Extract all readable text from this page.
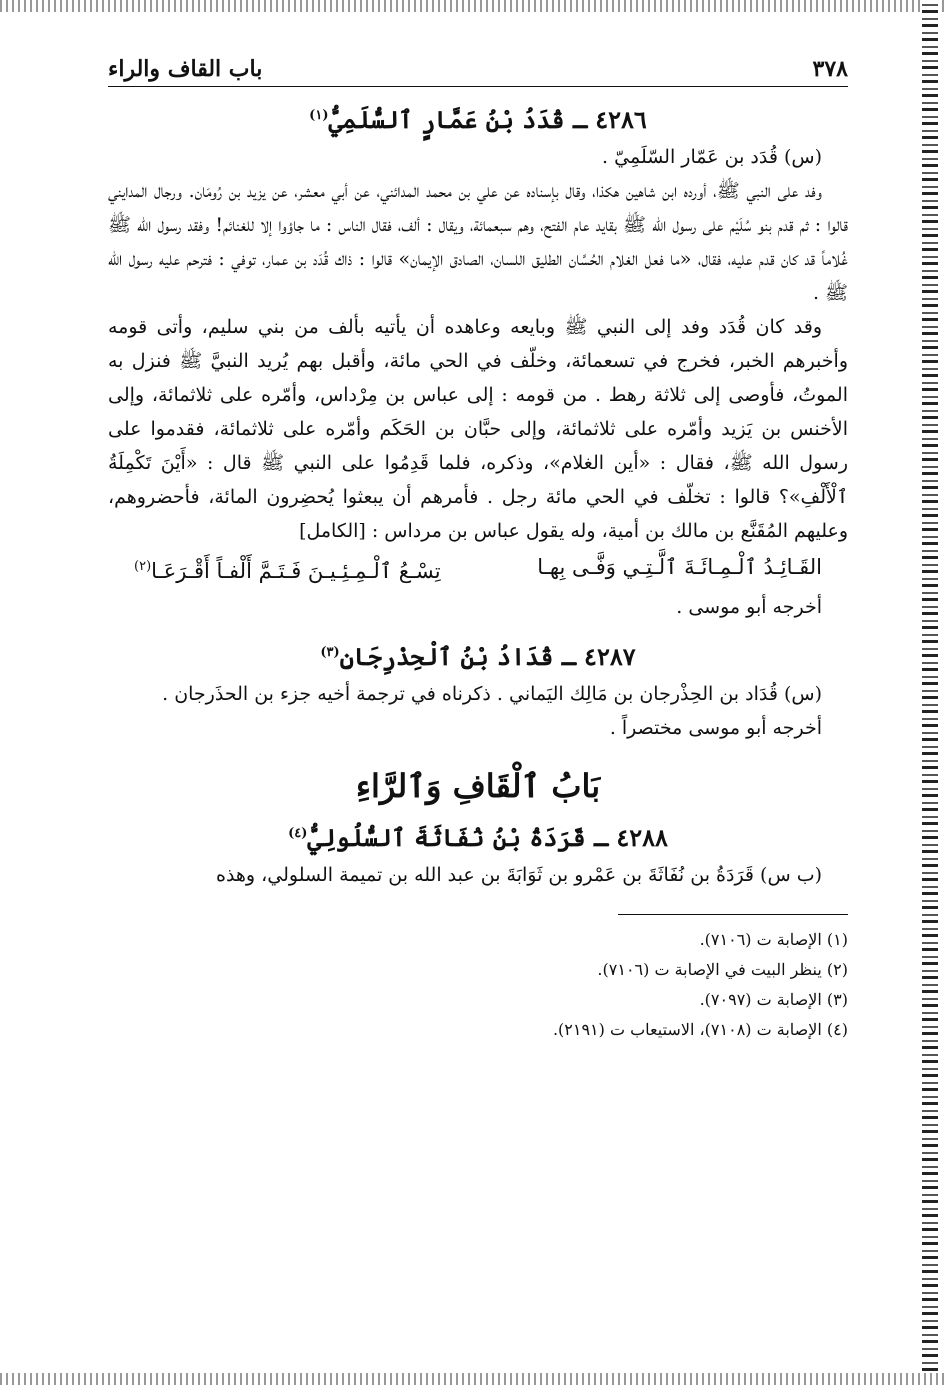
٣٧٨
باب القاف والراء
٤٢٨٦ ـ قُدَدُ بْنُ عَمَّارٍ ٱلسُّلَمِيُّ$^{(١)}$

(س) قُدَد بن عَمّار السّلَمِيّ .

وفد على النبي ﷺ، أورده ابن شاهين هكذا، وقال بإسناده عن علي بن محمد المدائني، عن أبي معشر، عن يزيد بن رُومَان. ورجال المدايني قالوا : ثم قدم بنو سُلَيْم على رسول الله ﷺ بقايد عام الفتح، وهم سبعمائة، ويقال : ألف، فقال الناس : ما جاؤوا إلا للغنائم! وفقد رسول الله ﷺ غُلاماً قد كان قدم عليه، فقال، «ما فعل الغلام الحُسَّان الطليق اللسان، الصادق الإيمان» قالوا : ذاك قُدَد بن عمار، توفي : فترحم عليه رسول الله ﷺ .

وقد كان قُدَد وفد إلى النبي ﷺ وبايعه وعاهده أن يأتيه بألف من بني سليم، وأتى قومه وأخبرهم الخبر، فخرج في تسعمائة، وخلّف في الحي مائة، وأقبل بهم يُريد النبيَّ ﷺ فنزل به الموتُ، فأوصى إلى ثلاثة رهط . من قومه : إلى عباس بن مِرْداس، وأمّره على ثلاثمائة، وإلى الأخنس بن يَزيد وأمّره على ثلاثمائة، وإلى حبَّان بن الحَكَم وأمّره على ثلاثمائة، فقدموا على رسول الله ﷺ، فقال : «أين الغلام»، وذكره، فلما قَدِمُوا على النبي ﷺ قال : «أَيْنَ تَكْمِلَةُ ٱلْأَلْفِ»؟ قالوا : تخلّف في الحي مائة رجل . فأمرهم أن يبعثوا يُحضِرون المائة، فأحضروهم، وعليهم المُقَنَّع بن مالك بن أمية، وله يقول عباس بن مرداس : [الكامل]

القَـائِـدُ ٱلْـمِـائَـةَ ٱلَّـتِـي وَفَّـى بِهـا
تِسْـعُ ٱلْـمِـئِـيـنَ فَـتَـمَّ أَلْفـاً أَقْـرَعَـا$^{(٢)}$

أخرجه أبو موسى .

٤٢٨٧ ـ قُدَادُ بْنُ ٱلْحِذْرِجَانِ$^{(٣)}$

(س) قُدَاد بن الحِذْرجان بن مَالِك اليَماني . ذكرناه في ترجمة أخيه جزء بن الحذَرجان .

أخرجه أبو موسى مختصراً .

بَابُ ٱلْقَافِ وَٱلرَّاءِ
٤٢٨٨ ـ قَرَدَةُ بْنُ نُفَاثَةَ ٱلسُّلُولِيُّ$^{(٤)}$

(ب س) قَرَدَةُ بن نُفَاثَةَ بن عَمْرو بن ثَوَابَةَ بن عبد الله بن تميمة السلولي، وهذه

(١) الإصابة ت (٧١٠٦).

(٢) ينظر البيت في الإصابة ت (٧١٠٦).

(٣) الإصابة ت (٧٠٩٧).

(٤) الإصابة ت (٧١٠٨)، الاستيعاب ت (٢١٩١).
